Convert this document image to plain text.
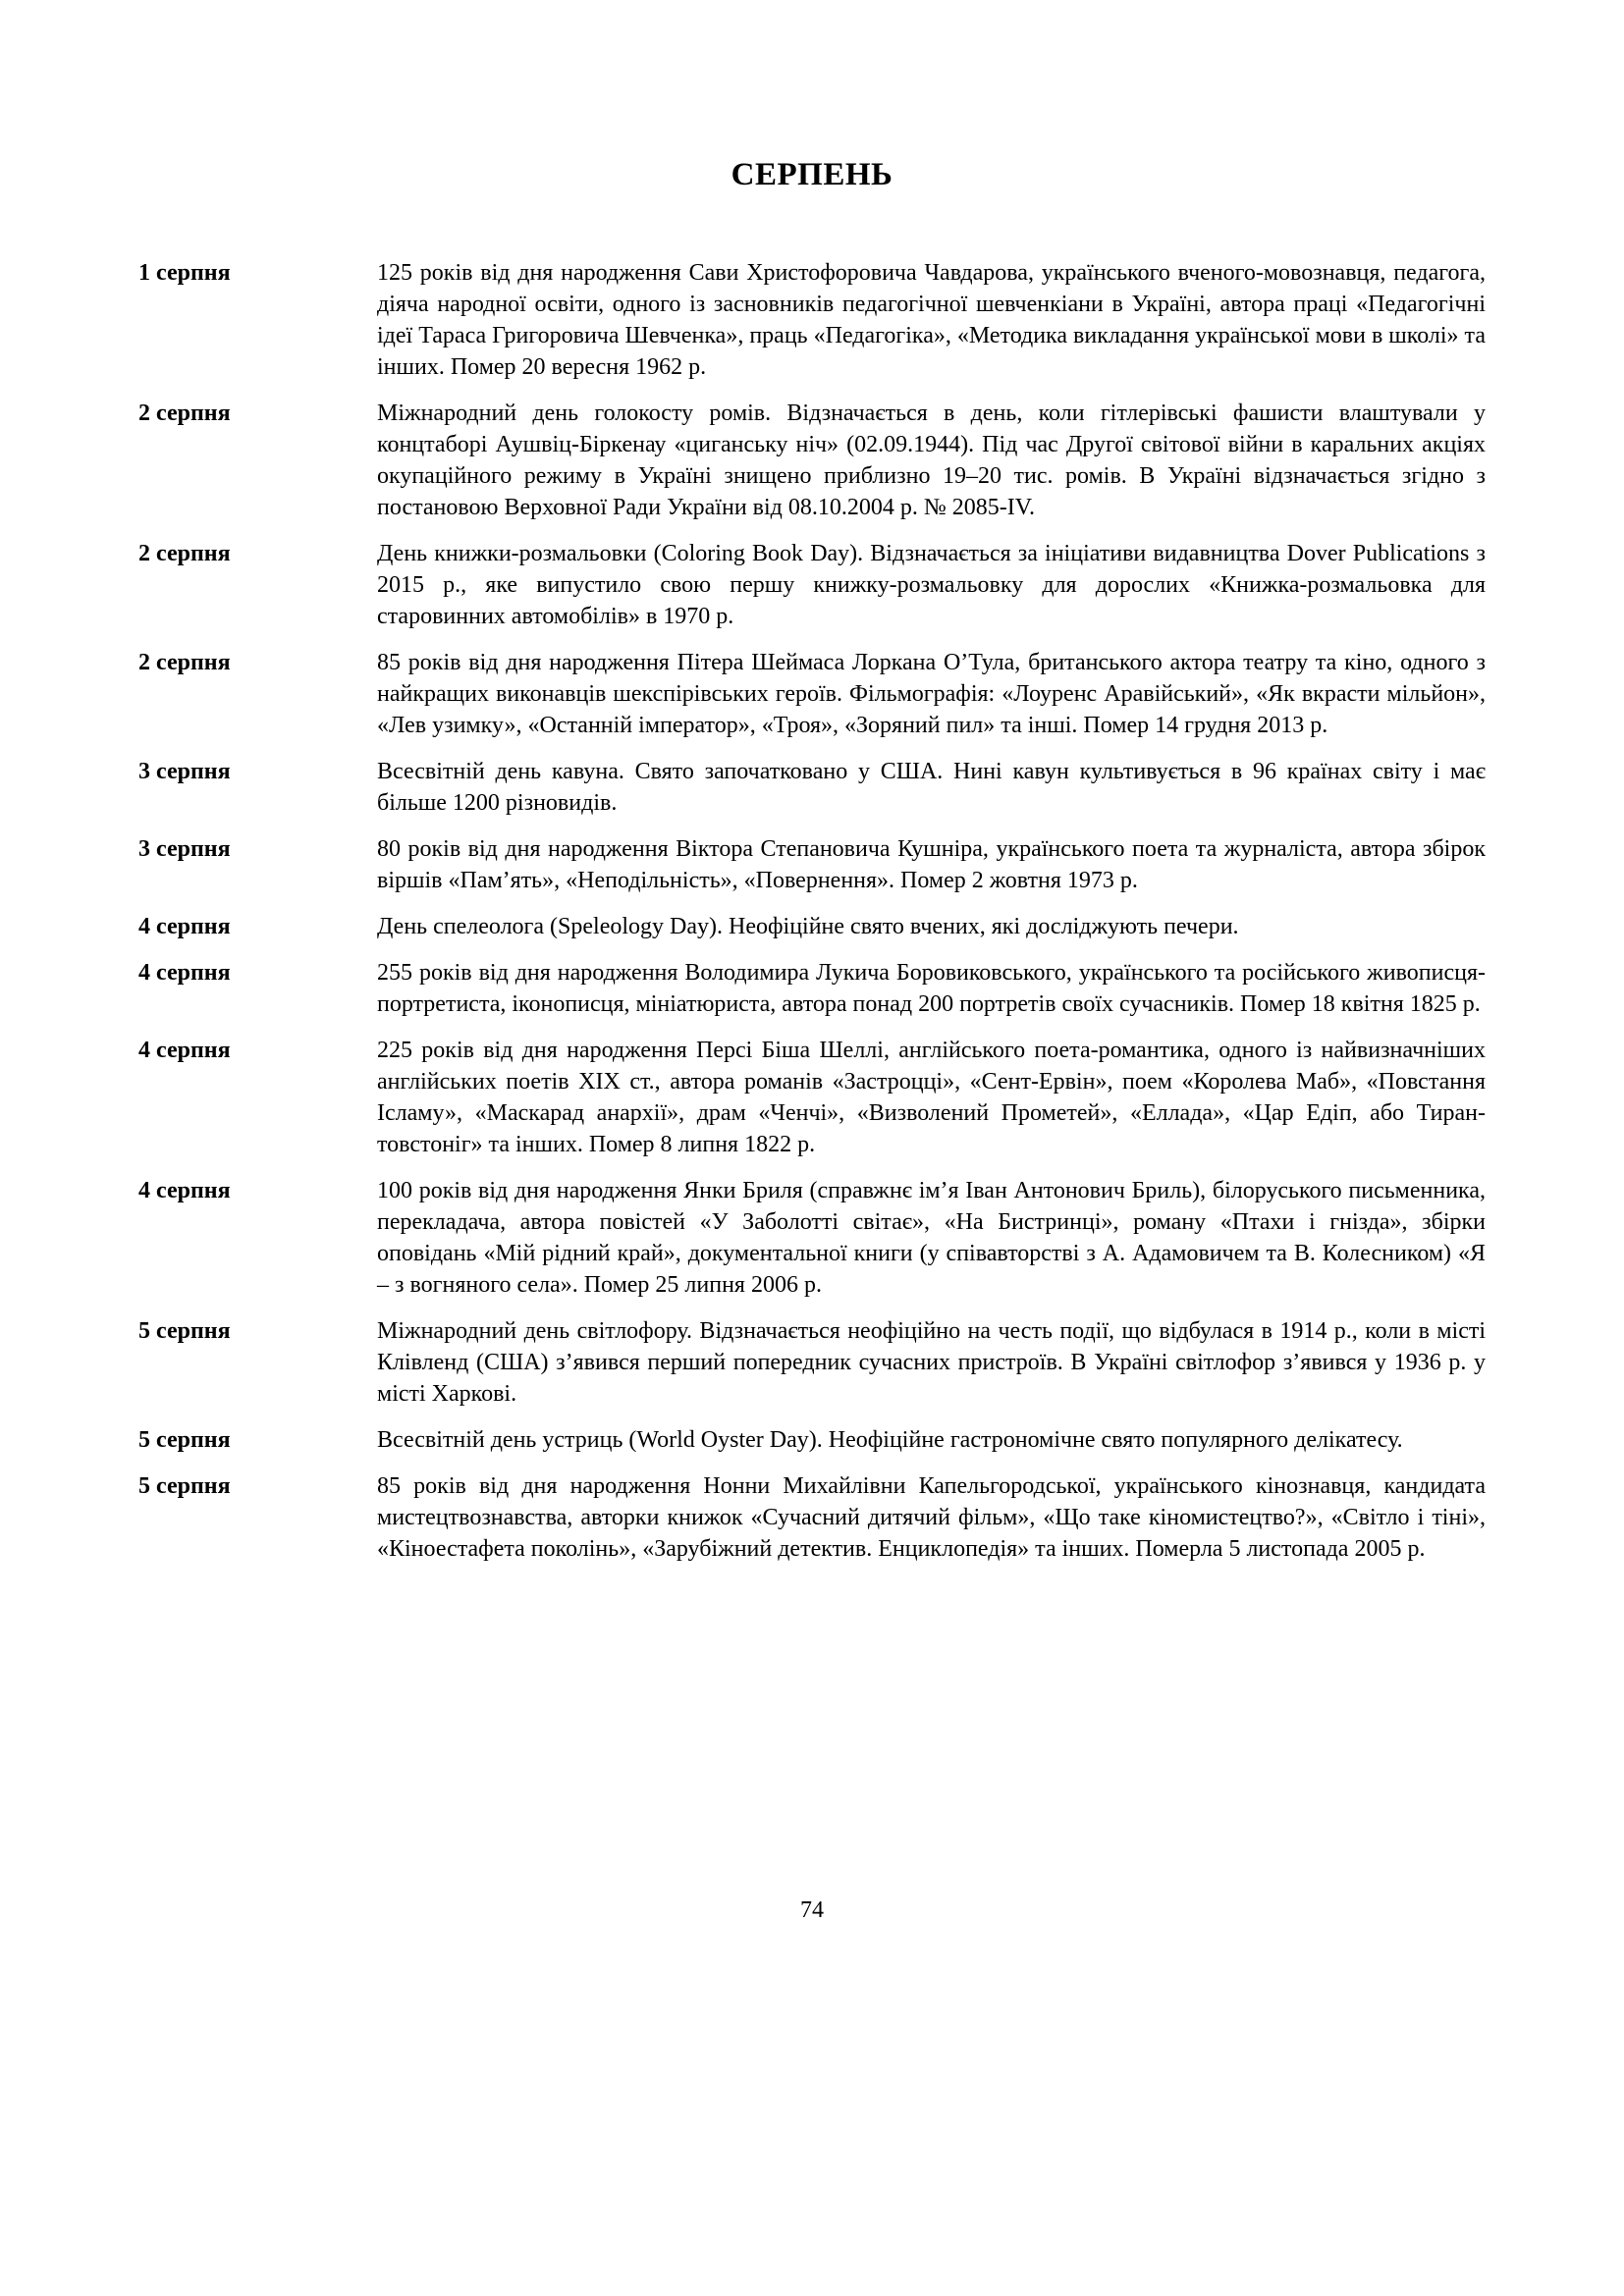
СЕРПЕНЬ
1 серпня	125 років від дня народження Сави Христофоровича Чавдарова, українського вченого-мовознавця, педагога, діяча народної освіти, одного із засновників педагогічної шевченкіани в Україні, автора праці «Педагогічні ідеї Тараса Григоровича Шевченка», праць «Педагогіка», «Методика викладання української мови в школі» та інших. Помер 20 вересня 1962 р.
2 серпня	Міжнародний день голокосту ромів. Відзначається в день, коли гітлерівські фашисти влаштували у концтаборі Аушвіц-Біркенау «циганську ніч» (02.09.1944). Під час Другої світової війни в каральних акціях окупаційного режиму в Україні знищено приблизно 19–20 тис. ромів. В Україні відзначається згідно з постановою Верховної Ради України від 08.10.2004 р. № 2085-IV.
2 серпня	День книжки-розмальовки (Coloring Book Day). Відзначається за ініціативи видавництва Dover Publications з 2015 р., яке випустило свою першу книжку-розмальовку для дорослих «Книжка-розмальовка для старовинних автомобілів» в 1970 р.
2 серпня	85 років від дня народження Пітера Шеймаса Лоркана О’Тула, британського актора театру та кіно, одного з найкращих виконавців шекспірівських героїв. Фільмографія: «Лоуренс Аравійський», «Як вкрасти мільйон», «Лев узимку», «Останній імператор», «Троя», «Зоряний пил» та інші. Помер 14 грудня 2013 р.
3 серпня	Всесвітній день кавуна. Свято започатковано у США. Нині кавун культивується в 96 країнах світу і має більше 1200 різновидів.
3 серпня	80 років від дня народження Віктора Степановича Кушніра, українського поета та журналіста, автора збірок віршів «Пам’ять», «Неподільність», «Повернення». Помер 2 жовтня 1973 р.
4 серпня	День спелеолога (Speleology Day). Неофіційне свято вчених, які досліджують печери.
4 серпня	255 років від дня народження Володимира Лукича Боровиковського, українського та російського живописця-портретиста, іконописця, мініатюриста, автора понад 200 портретів своїх сучасників. Помер 18 квітня 1825 р.
4 серпня	225 років від дня народження Персі Біша Шеллі, англійського поета-романтика, одного із найвизначніших англійських поетів XIX ст., автора романів «Застроцці», «Сент-Ервін», поем «Королева Маб», «Повстання Ісламу», «Маскарад анархії», драм «Ченчі», «Визволений Прометей», «Еллада», «Цар Едіп, або Тиран-товстоніг» та інших. Помер 8 липня 1822 р.
4 серпня	100 років від дня народження Янки Бриля (справжнє ім’я Іван Антонович Бриль), білоруського письменника, перекладача, автора повістей «У Заболотті світає», «На Бистринці», роману «Птахи і гнізда», збірки оповідань «Мій рідний край», документальної книги (у співавторстві з А. Адамовичем та В. Колесником) «Я – з вогняного села». Помер 25 липня 2006 р.
5 серпня	Міжнародний день світлофору. Відзначається неофіційно на честь події, що відбулася в 1914 р., коли в місті Клівленд (США) з’явився перший попередник сучасних пристроїв. В Україні світлофор з’явився у 1936 р. у місті Харкові.
5 серпня	Всесвітній день устриць (World Oyster Day). Неофіційне гастрономічне свято популярного делікатесу.
5 серпня	85 років від дня народження Нонни Михайлівни Капельгородської, українського кінознавця, кандидата мистецтвознавства, авторки книжок «Сучасний дитячий фільм», «Що таке кіномистецтво?», «Світло і тіні», «Кіноестафета поколінь», «Зарубіжний детектив. Енциклопедія» та інших. Померла 5 листопада 2005 р.
74
